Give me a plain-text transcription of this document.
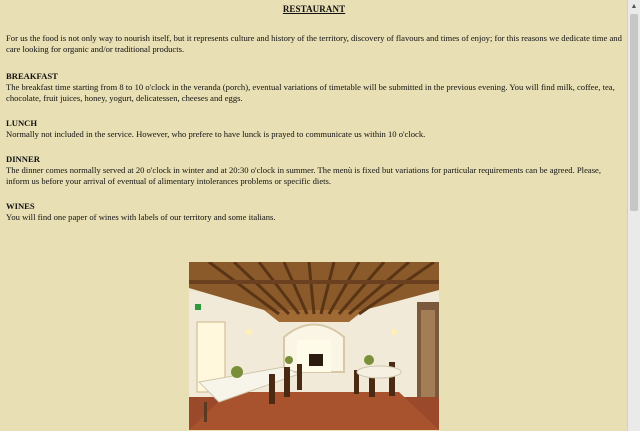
RESTAURANT
For us the food is not only way to nourish itself, but it represents culture and history of the territory, discovery of flavours and times of enjoy; for this reasons we dedicate time and care looking for organic and/or traditional products.
BREAKFAST
The breakfast time starting from 8 to 10 o'clock in the veranda (porch), eventual variations of timetable will be submitted in the previous evening. You will find milk, coffee, tea, chocolate, fruit juices, honey, yogurt, delicatessen, cheeses and eggs.
LUNCH
Normally not included in the service. However, who prefere to have lunck is prayed to communicate us within 10 o'clock.
DINNER
The dinner comes normally served at 20 o'clock in winter and at 20:30 o'clock in summer. The menù is fixed but variations for particular requirements can be agreed. Please, inform us before your arrival of eventual of alimentary intolerances problems or specific diets.
WINES
You will find one paper of wines with labels of our territory and some italians.
▲
